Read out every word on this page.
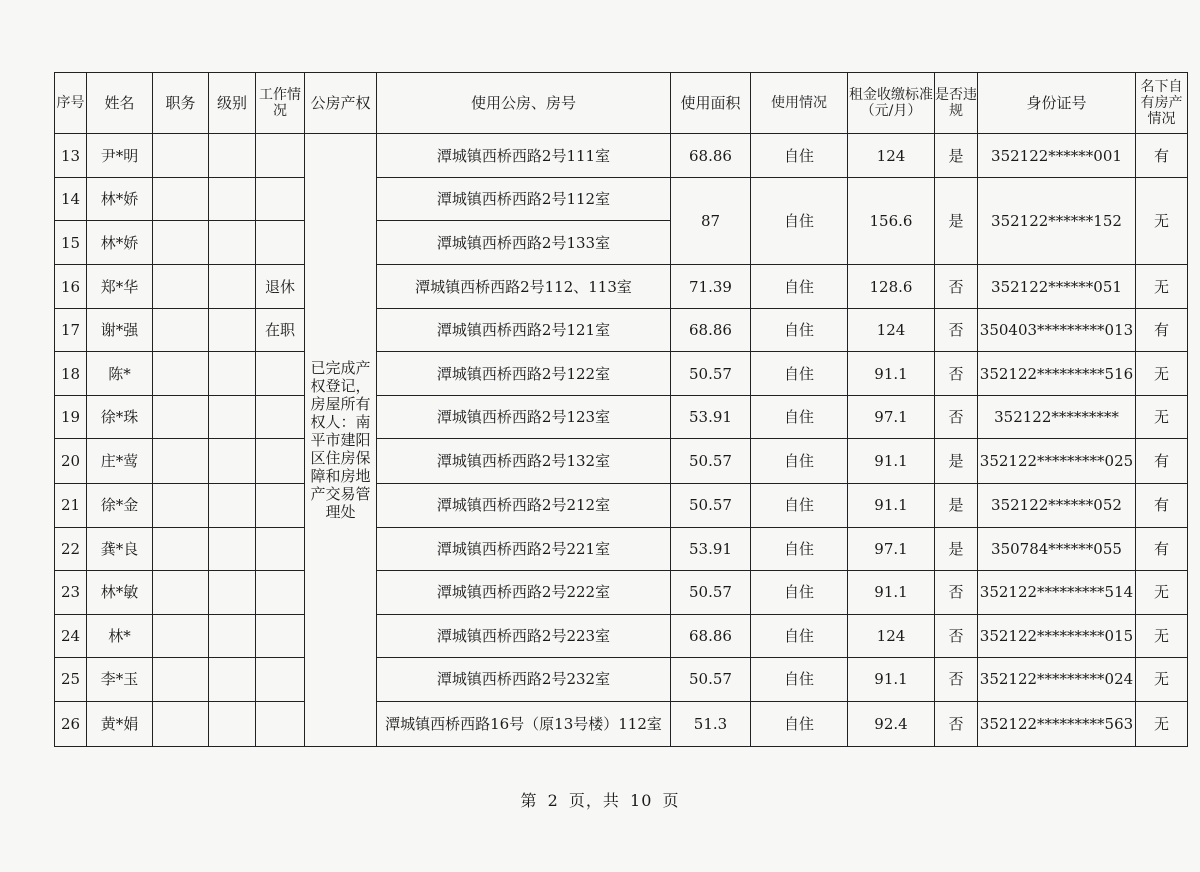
序号	姓名	职务	级别	工作情况	公房产权	使用公房、房号	使用面积	使用情况	租金收缴标准（元/月）	是否违规	身份证号	名下自有房产情况
13	尹*明				已完成产权登记，房屋所有权人：南平市建阳区住房保障和房地产交易管理处	潭城镇西桥西路2号111室	68.86	自住	124	是	352122******001	有
14	林*娇					潭城镇西桥西路2号112室	87	自住	156.6	是	352122******152	无
15	林*娇					潭城镇西桥西路2号133室						
16	郑*华			退休		潭城镇西桥西路2号112、113室	71.39	自住	128.6	否	352122******051	无
17	谢*强			在职		潭城镇西桥西路2号121室	68.86	自住	124	否	350403*********013	有
18	陈*					潭城镇西桥西路2号122室	50.57	自住	91.1	否	352122*********516	无
19	徐*珠					潭城镇西桥西路2号123室	53.91	自住	97.1	否	352122*********	无
20	庄*莺					潭城镇西桥西路2号132室	50.57	自住	91.1	是	352122*********025	有
21	徐*金					潭城镇西桥西路2号212室	50.57	自住	91.1	是	352122******052	有
22	龚*良					潭城镇西桥西路2号221室	53.91	自住	97.1	是	350784******055	有
23	林*敏					潭城镇西桥西路2号222室	50.57	自住	91.1	否	352122*********514	无
24	林*					潭城镇西桥西路2号223室	68.86	自住	124	否	352122*********015	无
25	李*玉					潭城镇西桥西路2号232室	50.57	自住	91.1	否	352122*********024	无
26	黄*娟					潭城镇西桥西路16号（原13号楼）112室	51.3	自住	92.4	否	352122*********563	无
第 2 页，共 10 页
